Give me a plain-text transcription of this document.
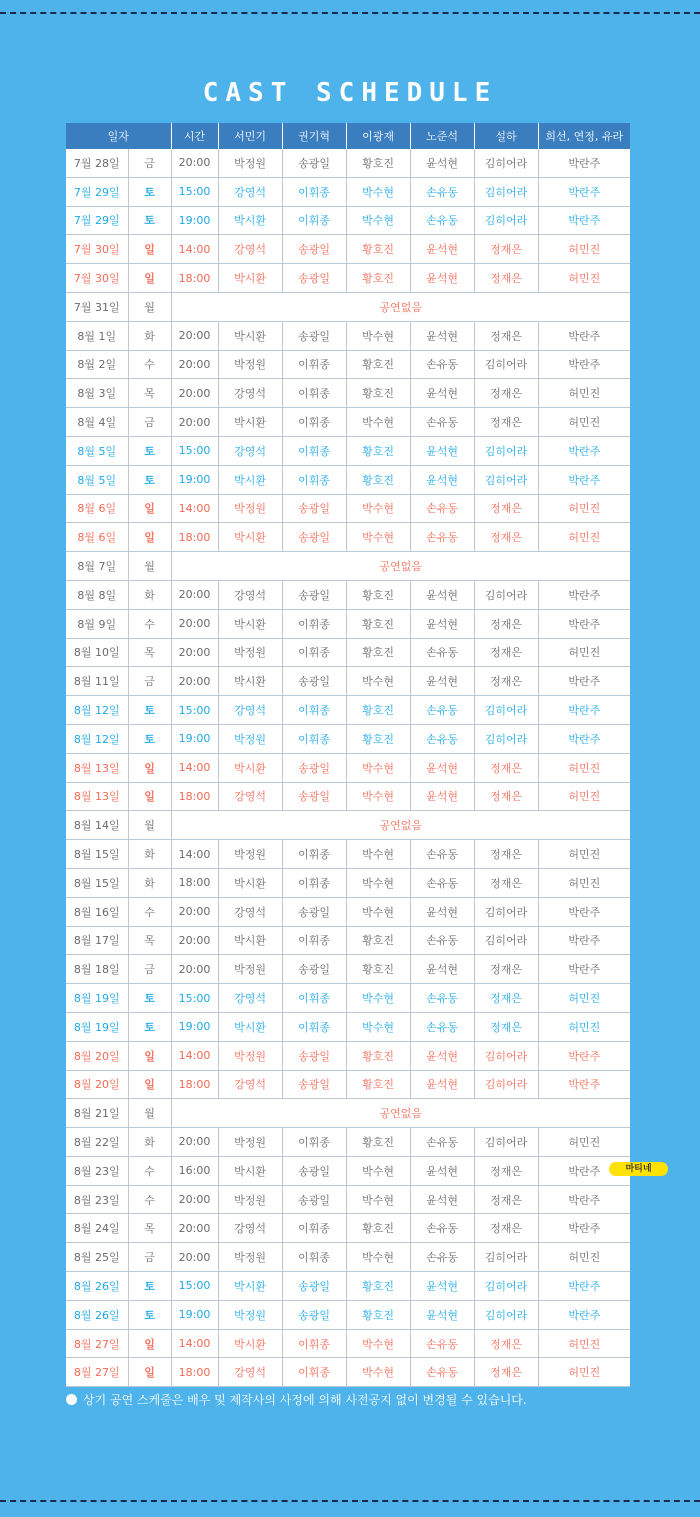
CAST SCHEDULE
일자		시간	서민기	권기혁	이광재	노준석	설하	희선, 연정, 유라
7월 28일	금	20:00	박정원	송광일	황호진	윤석현	김히어라	박란주
7월 29일	토	15:00	강영석	이휘종	박수현	손유동	김히어라	박란주
7월 29일	토	19:00	박시환	이휘종	박수현	손유동	김히어라	박란주
7월 30일	일	14:00	강영석	송광일	황호진	윤석현	정재은	허민진
7월 30일	일	18:00	박시환	송광일	황호진	윤석현	정재은	허민진
7월 31일	월	공연없음						
8월 1일	화	20:00	박시환	송광일	박수현	윤석현	정재은	박란주
8월 2일	수	20:00	박정원	이휘종	황호진	손유동	김히어라	박란주
8월 3일	목	20:00	강영석	이휘종	황호진	윤석현	정재은	허민진
8월 4일	금	20:00	박시환	이휘종	박수현	손유동	정재은	허민진
8월 5일	토	15:00	강영석	이휘종	황호진	윤석현	김히어라	박란주
8월 5일	토	19:00	박시환	이휘종	황호진	윤석현	김히어라	박란주
8월 6일	일	14:00	박정원	송광일	박수현	손유동	정재은	허민진
8월 6일	일	18:00	박시환	송광일	박수현	손유동	정재은	허민진
8월 7일	월	공연없음						
8월 8일	화	20:00	강영석	송광일	황호진	윤석현	김히어라	박란주
8월 9일	수	20:00	박시환	이휘종	황호진	윤석현	정재은	박란주
8월 10일	목	20:00	박정원	이휘종	황호진	손유동	정재은	허민진
8월 11일	금	20:00	박시환	송광일	박수현	윤석현	정재은	박란주
8월 12일	토	15:00	강영석	이휘종	황호진	손유동	김히어라	박란주
8월 12일	토	19:00	박정원	이휘종	황호진	손유동	김히어라	박란주
8월 13일	일	14:00	박시환	송광일	박수현	윤석현	정재은	허민진
8월 13일	일	18:00	강영석	송광일	박수현	윤석현	정재은	허민진
8월 14일	월	공연없음						
8월 15일	화	14:00	박정원	이휘종	박수현	손유동	정재은	허민진
8월 15일	화	18:00	박시환	이휘종	박수현	손유동	정재은	허민진
8월 16일	수	20:00	강영석	송광일	박수현	윤석현	김히어라	박란주
8월 17일	목	20:00	박시환	이휘종	황호진	손유동	김히어라	박란주
8월 18일	금	20:00	박정원	송광일	황호진	윤석현	정재은	박란주
8월 19일	토	15:00	강영석	이휘종	박수현	손유동	정재은	허민진
8월 19일	토	19:00	박시환	이휘종	박수현	손유동	정재은	허민진
8월 20일	일	14:00	박정원	송광일	황호진	윤석현	김히어라	박란주
8월 20일	일	18:00	강영석	송광일	황호진	윤석현	김히어라	박란주
8월 21일	월	공연없음						
8월 22일	화	20:00	박정원	이휘종	황호진	손유동	김히어라	허민진
8월 23일	수	16:00	박시환	송광일	박수현	윤석현	정재은	박란주
8월 23일	수	20:00	박정원	송광일	박수현	윤석현	정재은	박란주
8월 24일	목	20:00	강영석	이휘종	황호진	손유동	정재은	박란주
8월 25일	금	20:00	박정원	이휘종	박수현	손유동	김히어라	허민진
8월 26일	토	15:00	박시환	송광일	황호진	윤석현	김히어라	박란주
8월 26일	토	19:00	박정원	송광일	황호진	윤석현	김히어라	박란주
8월 27일	일	14:00	박시환	이휘종	박수현	손유동	정재은	허민진
8월 27일	일	18:00	강영석	이휘종	박수현	손유동	정재은	허민진
마티네
상기 공연 스케줄은 배우 및 제작사의 사정에 의해 사전공지 없이 변경될 수 있습니다.
